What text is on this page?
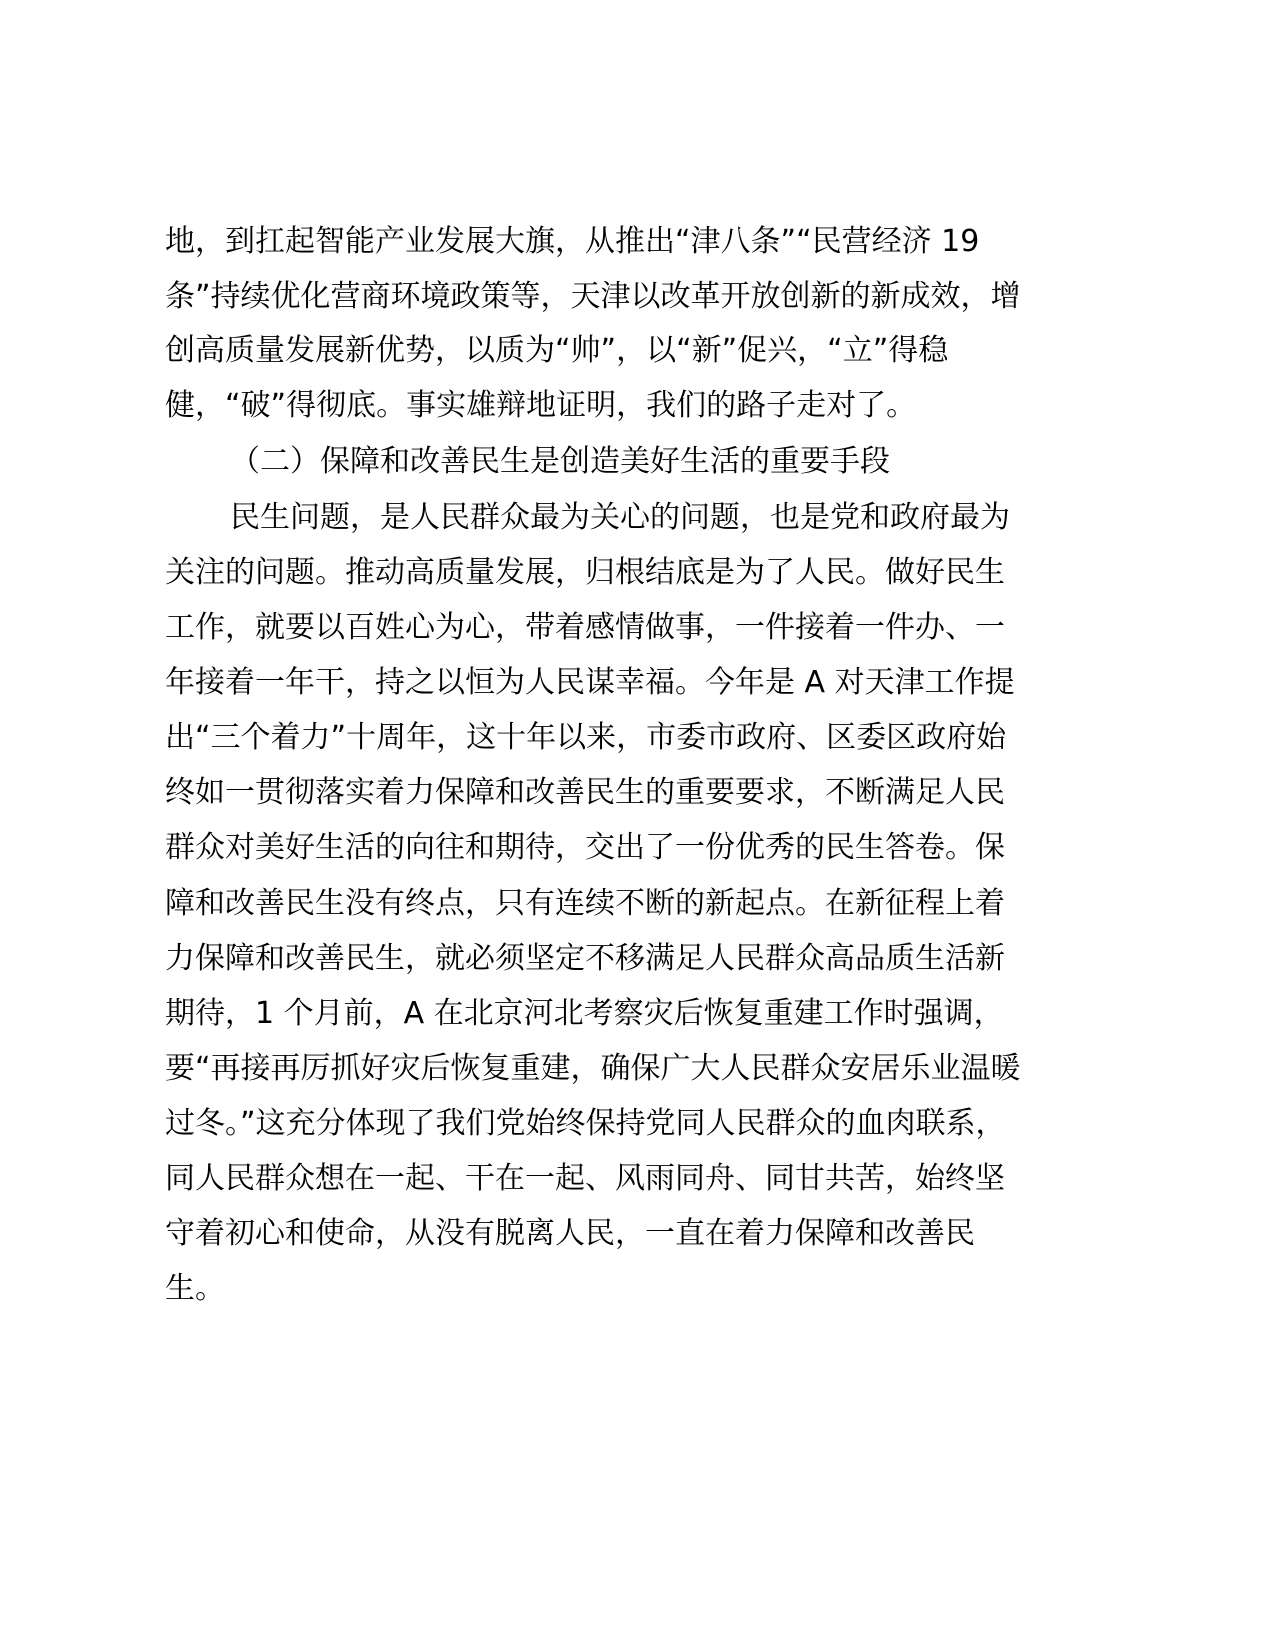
地，到扛起智能产业发展大旗，从推出“津八条”“民营经济 19
条”持续优化营商环境政策等，天津以改革开放创新的新成效，增
创高质量发展新优势，以质为“帅”，以“新”促兴，“立”得稳
健，“破”得彻底。事实雄辩地证明，我们的路子走对了。
（二）保障和改善民生是创造美好生活的重要手段
民生问题，是人民群众最为关心的问题，也是党和政府最为
关注的问题。推动高质量发展，归根结底是为了人民。做好民生
工作，就要以百姓心为心，带着感情做事，一件接着一件办、一
年接着一年干，持之以恒为人民谋幸福。今年是 A 对天津工作提
出“三个着力”十周年，这十年以来，市委市政府、区委区政府始
终如一贯彻落实着力保障和改善民生的重要要求，不断满足人民
群众对美好生活的向往和期待，交出了一份优秀的民生答卷。保
障和改善民生没有终点，只有连续不断的新起点。在新征程上着
力保障和改善民生，就必须坚定不移满足人民群众高品质生活新
期待，1 个月前，A 在北京河北考察灾后恢复重建工作时强调，
要“再接再厉抓好灾后恢复重建，确保广大人民群众安居乐业温暖
过冬。”这充分体现了我们党始终保持党同人民群众的血肉联系，
同人民群众想在一起、干在一起、风雨同舟、同甘共苦，始终坚
守着初心和使命，从没有脱离人民，一直在着力保障和改善民
生。
